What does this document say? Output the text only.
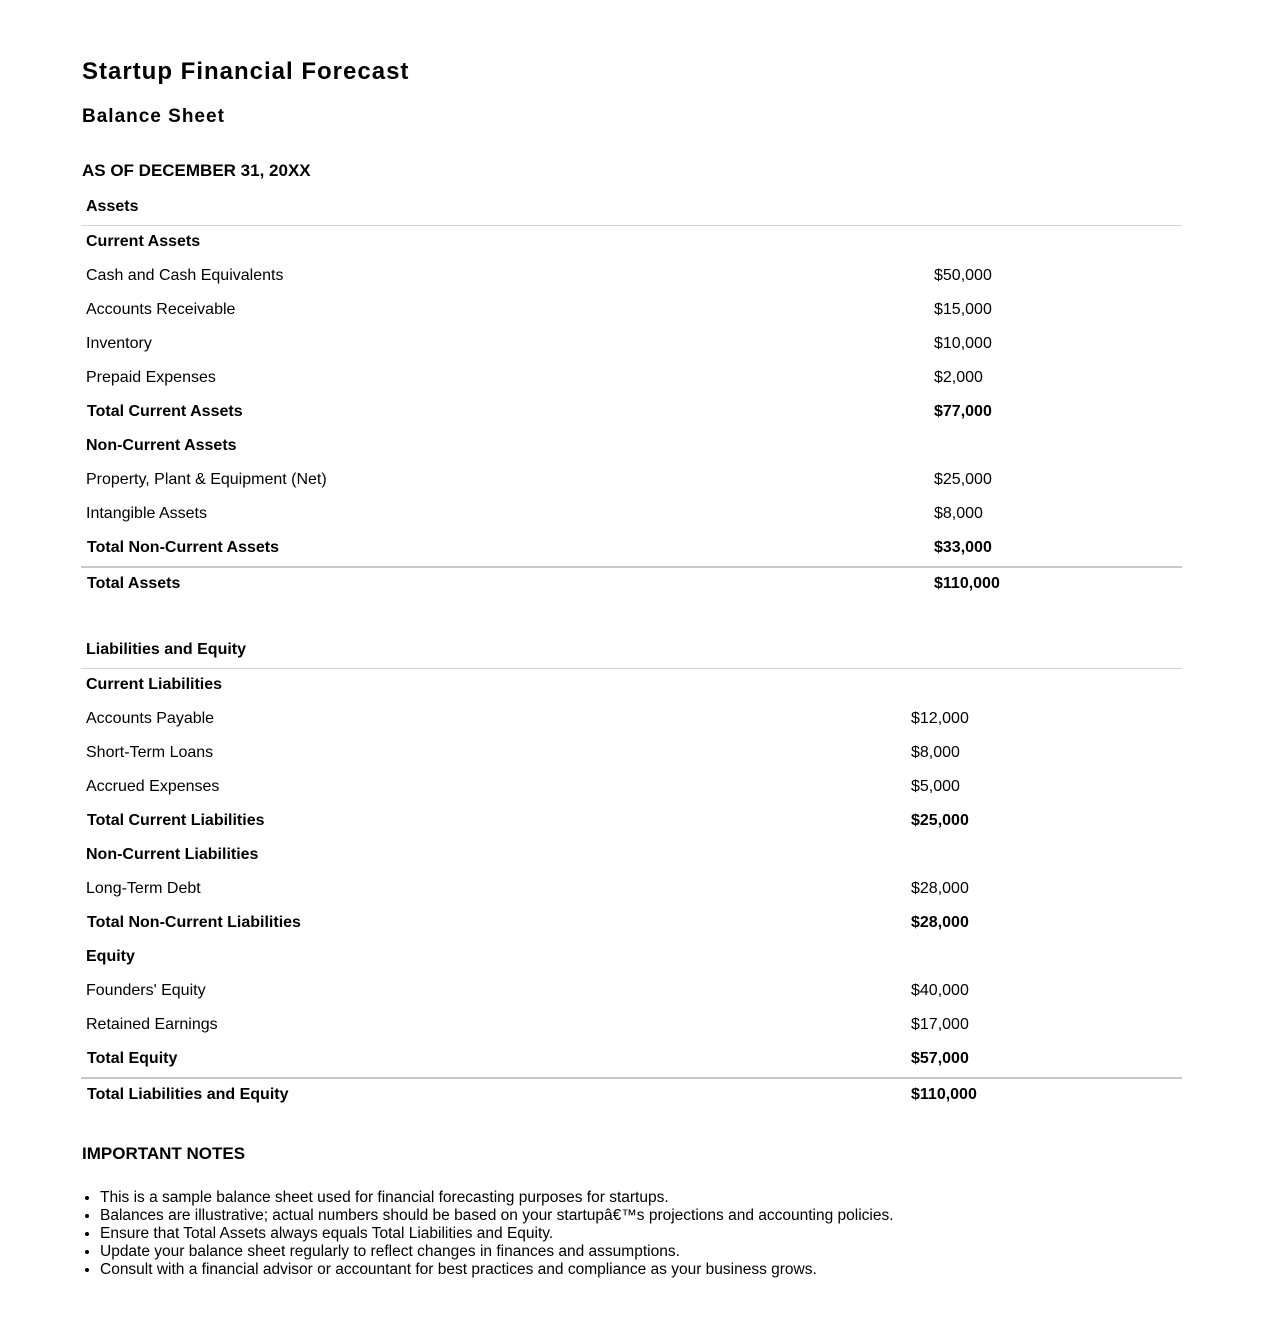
Startup Financial Forecast
Balance Sheet
AS OF DECEMBER 31, 20XX
Assets
Current Assets
Cash and Cash Equivalents	$50,000
Accounts Receivable	$15,000
Inventory	$10,000
Prepaid Expenses	$2,000
Total Current Assets	$77,000
Non-Current Assets
Property, Plant & Equipment (Net)	$25,000
Intangible Assets	$8,000
Total Non-Current Assets	$33,000
Total Assets	$110,000
Liabilities and Equity
Current Liabilities
Accounts Payable	$12,000
Short-Term Loans	$8,000
Accrued Expenses	$5,000
Total Current Liabilities	$25,000
Non-Current Liabilities
Long-Term Debt	$28,000
Total Non-Current Liabilities	$28,000
Equity
Founders' Equity	$40,000
Retained Earnings	$17,000
Total Equity	$57,000
Total Liabilities and Equity	$110,000
IMPORTANT NOTES
• This is a sample balance sheet used for financial forecasting purposes for startups.
• Balances are illustrative; actual numbers should be based on your startupâ€™s projections and accounting policies.
• Ensure that Total Assets always equals Total Liabilities and Equity.
• Update your balance sheet regularly to reflect changes in finances and assumptions.
• Consult with a financial advisor or accountant for best practices and compliance as your business grows.
